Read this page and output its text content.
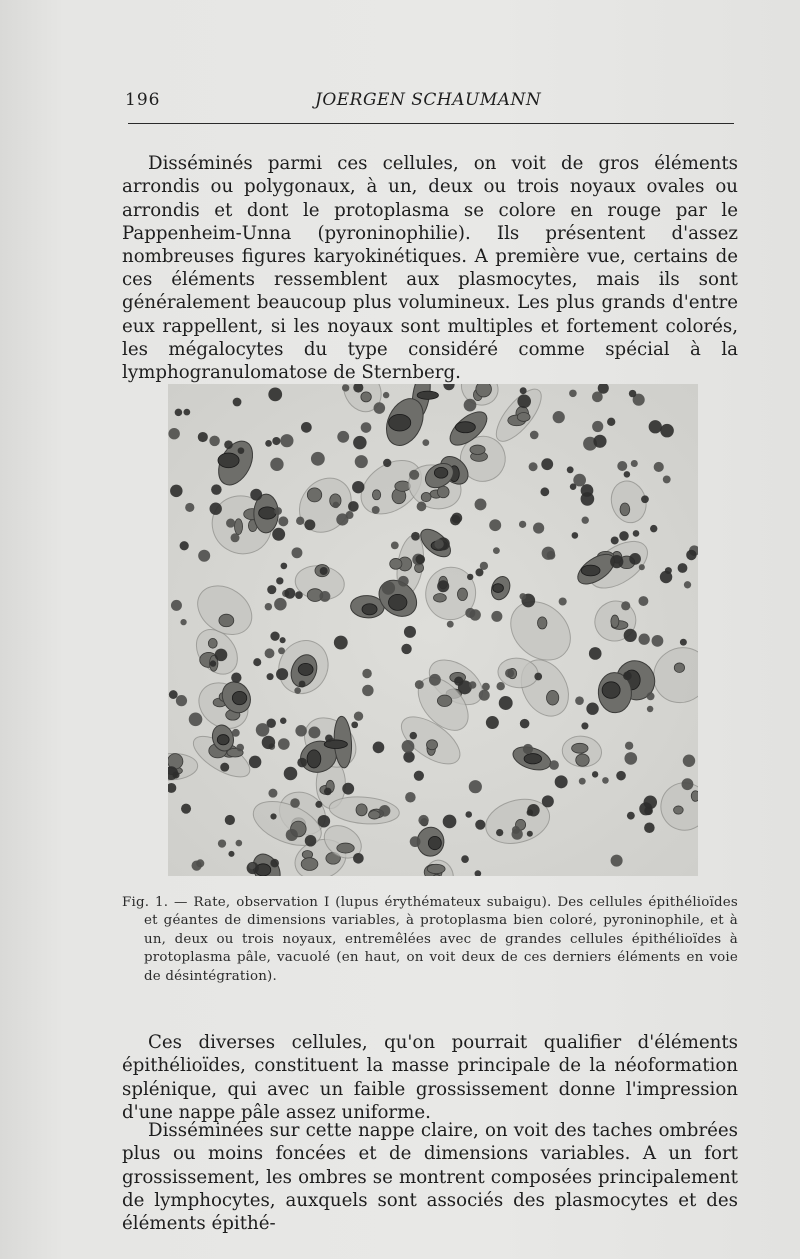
196	JOERGEN SCHAUMANN

Disséminés parmi ces cellules, on voit de gros éléments arrondis ou polygonaux, à un, deux ou trois noyaux ovales ou arrondis et dont le protoplasma se colore en rouge par le Pappenheim-Unna (pyroninophilie). Ils présentent d'assez nombreuses figures karyokinétiques. A première vue, certains de ces éléments ressemblent aux plasmocytes, mais ils sont généralement beaucoup plus volumineux. Les plus grands d'entre eux rappellent, si les noyaux sont multiples et fortement colorés, les mégalocytes du type considéré comme spécial à la lymphogranulomatose de Sternberg.

Fig. 1. — Rate, observation I (lupus érythémateux subaigu). Des cellules épithélioïdes et géantes de dimensions variables, à protoplasma bien coloré, pyroninophile, et à un, deux ou trois noyaux, entremêlées avec de grandes cellules épithélioïdes à protoplasma pâle, vacuolé (en haut, on voit deux de ces derniers éléments en voie de désintégration).

Ces diverses cellules, qu'on pourrait qualifier d'éléments épithélioïdes, constituent la masse principale de la néoformation splénique, qui avec un faible grossissement donne l'impression d'une nappe pâle assez uniforme.

Disséminées sur cette nappe claire, on voit des taches ombrées plus ou moins foncées et de dimensions variables. A un fort grossissement, les ombres se montrent composées principalement de lymphocytes, auxquels sont associés des plasmocytes et des éléments épithé-
